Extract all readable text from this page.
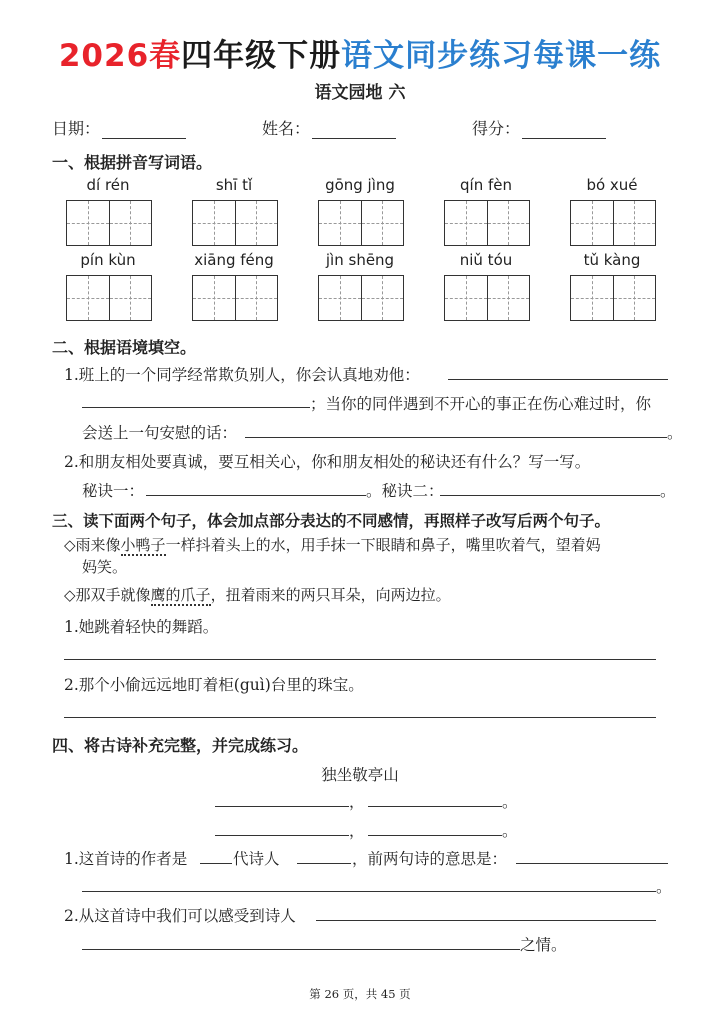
2026春四年级下册语文同步练习每课一练
语文园地 六
日期：	姓名：	得分：
一、根据拼音写词语。
dí rén	shī tǐ	gōng jìng	qín fèn	bó xué
pín kùn	xiāng féng	jìn shēng	niǔ tóu	tǔ kàng
二、根据语境填空。
1.班上的一个同学经常欺负别人，你会认真地劝他：
；当你的同伴遇到不开心的事正在伤心难过时，你
会送上一句安慰的话：	。
2.和朋友相处要真诚，要互相关心，你和朋友相处的秘诀还有什么？写一写。
秘诀一：	。秘诀二：	。
三、读下面两个句子，体会加点部分表达的不同感情，再照样子改写后两个句子。
◇雨来像小鸭子一样抖着头上的水，用手抹一下眼睛和鼻子，嘴里吹着气，望着妈
妈笑。
◇那双手就像鹰的爪子，扭着雨来的两只耳朵，向两边拉。
1.她跳着轻快的舞蹈。
2.那个小偷远远地盯着柜(guì)台里的珠宝。
四、将古诗补充完整，并完成练习。
独坐敬亭山
，	。
，	。
1.这首诗的作者是	代诗人	，前两句诗的意思是：
。
2.从这首诗中我们可以感受到诗人
之情。
第 26 页，共 45 页
